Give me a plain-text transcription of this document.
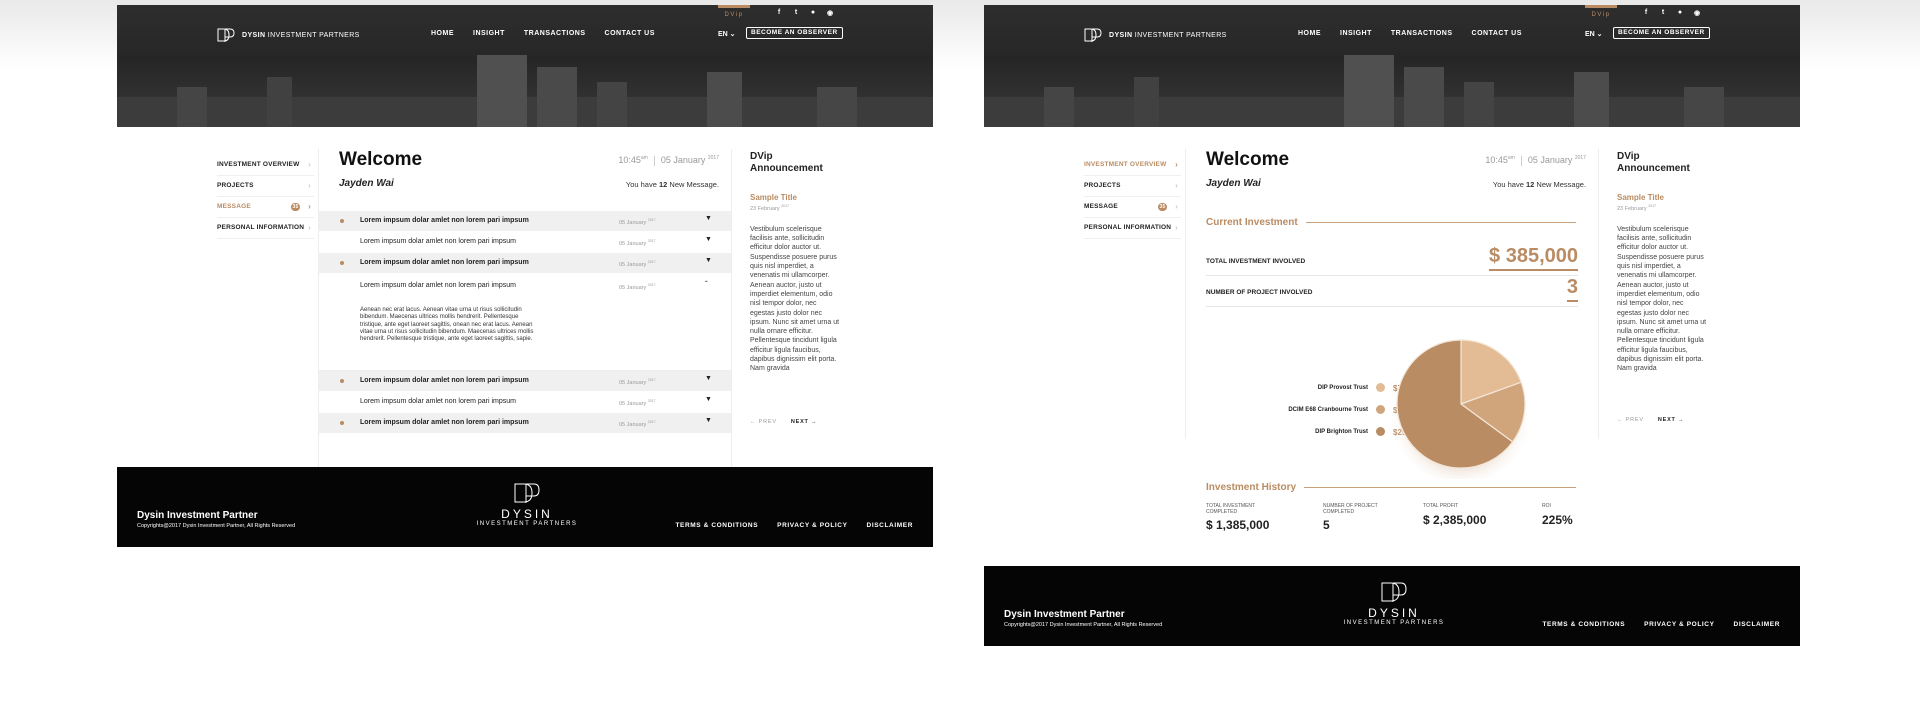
DYSIN INVESTMENT PARTNERS	HOME	INSIGHT	TRANSACTIONS	CONTACT US
DVip	f	t	● ◉
EN ⌄	BECOME AN OBSERVER
INVESTMENT OVERVIEW ›
PROJECTS	›
MESSAGE	35 ›
PERSONAL INFORMATION ›
Welcome	$10:45^{am}$ 05 January $^{2017}$
Jayden Wai	You have 12 New Message.
Lorem impsum dolar amlet non lorem pari impsum	05 January $^{2017}$	▼
Lorem impsum dolar amlet non lorem pari impsum	05 January $^{2017}$	▼
Lorem impsum dolar amlet non lorem pari impsum	05 January $^{2017}$	▼
Lorem impsum dolar amlet non lorem pari impsum	05 January $^{2017}$	ˆ
Aenean nec erat lacus. Aenean vitae urna ut risus sollicitudin bibendum. Maecenas ultrices mollis hendrerit. Pellentesque tristique, ante eget laoreet sagittis, onean nec erat lacus. Aenean vitae urna ut risus sollicitudin bibendum. Maecenas ultrices mollis hendrerit. Pellentesque tristique, ante eget laoreet sagittis, sapie.
Lorem impsum dolar amlet non lorem pari impsum	05 January $^{2017}$	▼
Lorem impsum dolar amlet non lorem pari impsum	05 January $^{2017}$	▼
Lorem impsum dolar amlet non lorem pari impsum	05 January $^{2017}$	▼
DVip
Announcement
Sample Title
23 February $^{2017}$
Vestibulum scelerisque facilisis ante, sollicitudin efficitur dolor auctor ut. Suspendisse posuere purus quis nisl imperdiet, a venenatis mi ullamcorper. Aenean auctor, justo ut imperdiet elementum, odio nisl tempor dolor, nec egestas justo dolor nec ipsum. Nunc sit amet urna ut nulla ornare efficitur. Pellentesque tincidunt ligula efficitur ligula faucibus, dapibus dignissim elit porta. Nam gravida
← PREV	NEXT →
Dysin Investment Partner
Copyrights@2017 Dysin Investment Partner, All Rights Reserved
DYSIN
INVESTMENT PARTNERS	TERMS & CONDITIONS	PRIVACY & POLICY	DISCLAIMER
DYSIN INVESTMENT PARTNERS	HOME	INSIGHT	TRANSACTIONS	CONTACT US
DVip	f	t	● ◉
EN ⌄	BECOME AN OBSERVER
INVESTMENT OVERVIEW ›
PROJECTS	›
MESSAGE	35 ›
PERSONAL INFORMATION ›
Welcome	$10:45^{am}$ 05 January $^{2017}$
Jayden Wai	You have 12 New Message.
Current Investment
TOTAL INVESTMENT INVOLVED	$ 385,000
NUMBER OF PROJECT INVOLVED	3
DIP Provost Trust
DCIM E68 Cranbourne Trust
DIP Brighton Trust
Investment History
TOTAL INVESTMENT COMPLETED
$ 1,385,000
NUMBER OF PROJECT COMPLETED
5
TOTAL PROFIT
$ 2,385,000
ROI
225%
DVip
Announcement
Sample Title
23 February $^{2017}$
Vestibulum scelerisque facilisis ante, sollicitudin efficitur dolor auctor ut. Suspendisse posuere purus quis nisl imperdiet, a venenatis mi ullamcorper. Aenean auctor, justo ut imperdiet elementum, odio nisl tempor dolor, nec egestas justo dolor nec ipsum. Nunc sit amet urna ut nulla ornare efficitur. Pellentesque tincidunt ligula efficitur ligula faucibus, dapibus dignissim elit porta. Nam gravida
← PREV	NEXT →
Dysin Investment Partner
Copyrights@2017 Dysin Investment Partner, All Rights Reserved
DYSIN
INVESTMENT PARTNERS	TERMS & CONDITIONS	PRIVACY & POLICY	DISCLAIMER
